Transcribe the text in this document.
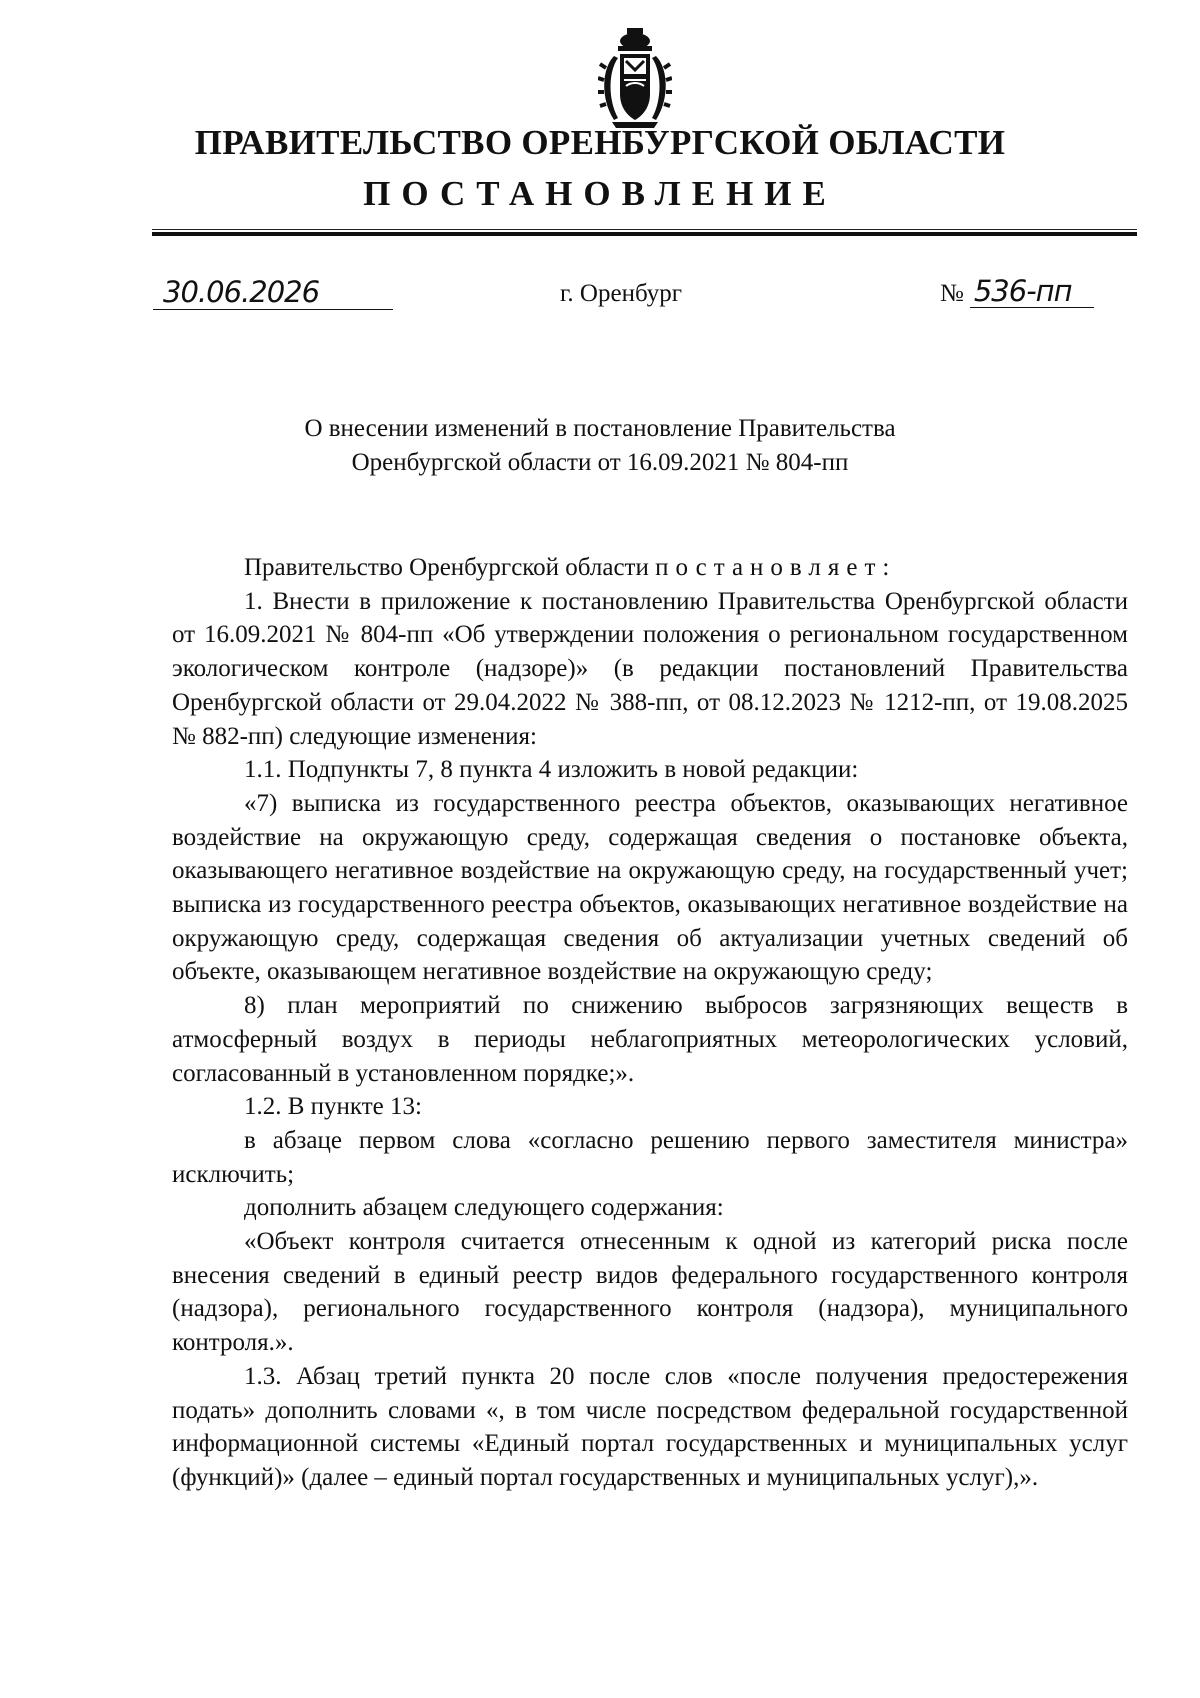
ПРАВИТЕЛЬСТВО ОРЕНБУРГСКОЙ ОБЛАСТИ
ПОСТАНОВЛЕНИЕ
30.06.2026	г. Оренбург	№ 536-пп
О внесении изменений в постановление Правительства
Оренбургской области от 16.09.2021 № 804-пп

Правительство Оренбургской области постановляет:

1. Внести в приложение к постановлению Правительства Оренбургской области от 16.09.2021 № 804-пп «Об утверждении положения о региональном государственном экологическом контроле (надзоре)» (в редакции постановлений Правительства Оренбургской области от 29.04.2022 № 388-пп, от 08.12.2023 № 1212-пп, от 19.08.2025 № 882-пп) следующие изменения:

1.1. Подпункты 7, 8 пункта 4 изложить в новой редакции:

«7) выписка из государственного реестра объектов, оказывающих негативное воздействие на окружающую среду, содержащая сведения о постановке объекта, оказывающего негативное воздействие на окружающую среду, на государственный учет; выписка из государственного реестра объектов, оказывающих негативное воздействие на окружающую среду, содержащая сведения об актуализации учетных сведений об объекте, оказывающем негативное воздействие на окружающую среду;

8) план мероприятий по снижению выбросов загрязняющих веществ в атмосферный воздух в периоды неблагоприятных метеорологических условий, согласованный в установленном порядке;».

1.2. В пункте 13:

в абзаце первом слова «согласно решению первого заместителя министра» исключить;

дополнить абзацем следующего содержания:

«Объект контроля считается отнесенным к одной из категорий риска после внесения сведений в единый реестр видов федерального государственного контроля (надзора), регионального государственного контроля (надзора), муниципального контроля.».

1.3. Абзац третий пункта 20 после слов «после получения предостережения подать» дополнить словами «, в том числе посредством федеральной государственной информационной системы «Единый портал государственных и муниципальных услуг (функций)» (далее – единый портал государственных и муниципальных услуг),».
